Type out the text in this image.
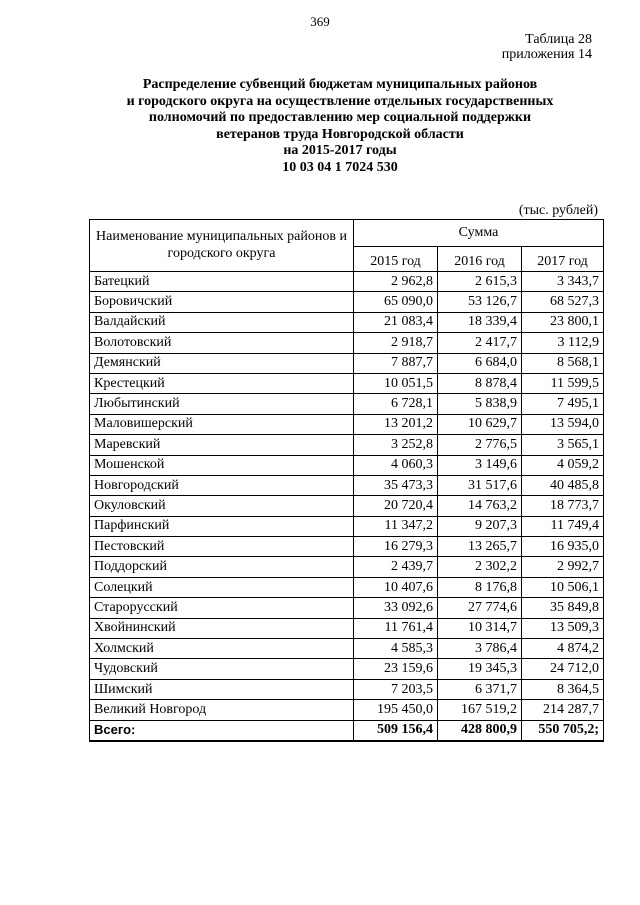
369
Таблица 28
приложения 14
Распределение субвенций бюджетам муниципальных районов
и городского округа на осуществление отдельных государственных
полномочий по предоставлению мер социальной поддержки
ветеранов труда Новгородской области
на 2015-2017 годы
10 03 04 1 7024 530
(тыс. рублей)
Наименование муниципальных районов и городского округа	Сумма		
	2015 год	2016 год	2017 год
Батецкий	2 962,8	2 615,3	3 343,7
Боровичский	65 090,0	53 126,7	68 527,3
Валдайский	21 083,4	18 339,4	23 800,1
Волотовский	2 918,7	2 417,7	3 112,9
Демянский	7 887,7	6 684,0	8 568,1
Крестецкий	10 051,5	8 878,4	11 599,5
Любытинский	6 728,1	5 838,9	7 495,1
Маловишерский	13 201,2	10 629,7	13 594,0
Маревский	3 252,8	2 776,5	3 565,1
Мошенской	4 060,3	3 149,6	4 059,2
Новгородский	35 473,3	31 517,6	40 485,8
Окуловский	20 720,4	14 763,2	18 773,7
Парфинский	11 347,2	9 207,3	11 749,4
Пестовский	16 279,3	13 265,7	16 935,0
Поддорский	2 439,7	2 302,2	2 992,7
Солецкий	10 407,6	8 176,8	10 506,1
Старорусский	33 092,6	27 774,6	35 849,8
Хвойнинский	11 761,4	10 314,7	13 509,3
Холмский	4 585,3	3 786,4	4 874,2
Чудовский	23 159,6	19 345,3	24 712,0
Шимский	7 203,5	6 371,7	8 364,5
Великий Новгород	195 450,0	167 519,2	214 287,7
Всего:	509 156,4	428 800,9	550 705,2;
